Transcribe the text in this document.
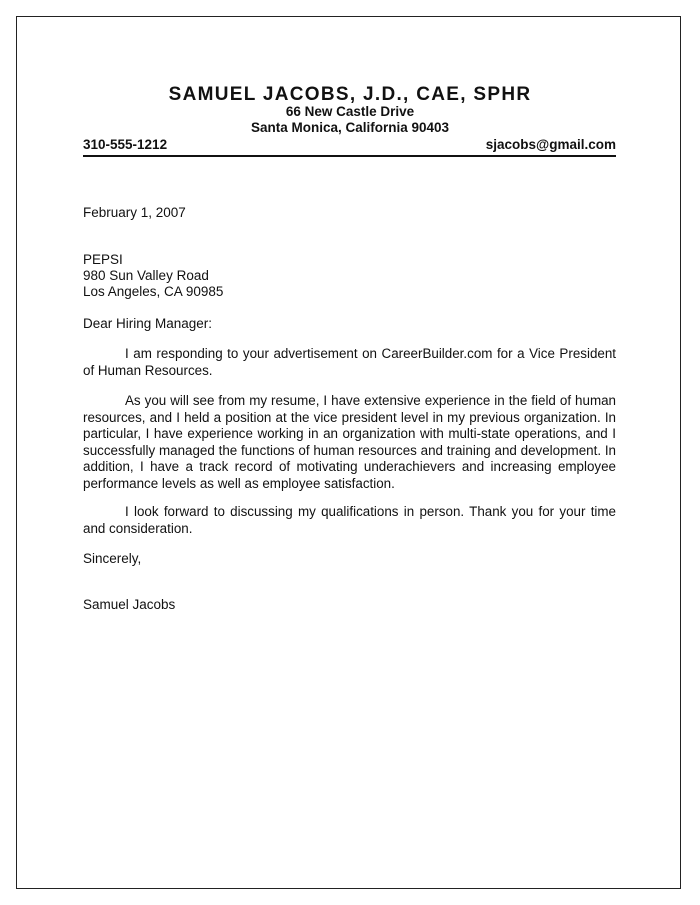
SAMUEL JACOBS, J.D., CAE, SPHR
66 New Castle Drive
Santa Monica, California 90403
310-555-1212	sjacobs@gmail.com
February 1, 2007
PEPSI
980 Sun Valley Road
Los Angeles, CA 90985
Dear Hiring Manager:
I am responding to your advertisement on CareerBuilder.com for a Vice President of Human Resources.
As you will see from my resume, I have extensive experience in the field of human resources, and I held a position at the vice president level in my previous organization. In particular, I have experience working in an organization with multi-state operations, and I successfully managed the functions of human resources and training and development. In addition, I have a track record of motivating underachievers and increasing employee performance levels as well as employee satisfaction.
I look forward to discussing my qualifications in person. Thank you for your time and consideration.
Sincerely,
Samuel Jacobs
